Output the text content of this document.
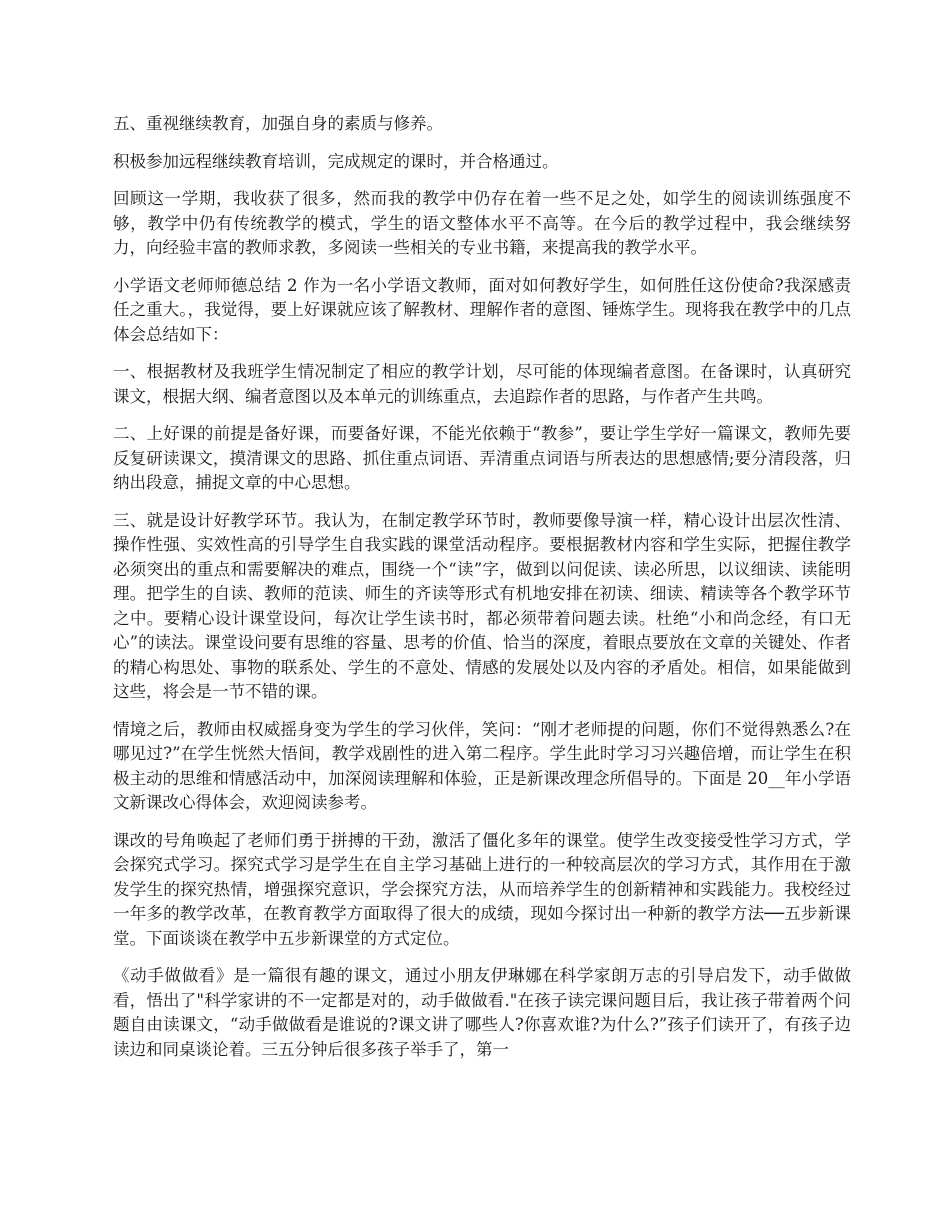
五、重视继续教育，加强自身的素质与修养。

积极参加远程继续教育培训，完成规定的课时，并合格通过。

回顾这一学期，我收获了很多，然而我的教学中仍存在着一些不足之处，如学生的阅读训练强度不够，教学中仍有传统教学的模式，学生的语文整体水平不高等。在今后的教学过程中，我会继续努力，向经验丰富的教师求教，多阅读一些相关的专业书籍，来提高我的教学水平。

小学语文老师师德总结 2 作为一名小学语文教师，面对如何教好学生，如何胜任这份使命?我深感责任之重大。，我觉得，要上好课就应该了解教材、理解作者的意图、锤炼学生。现将我在教学中的几点体会总结如下：

一、根据教材及我班学生情况制定了相应的教学计划，尽可能的体现编者意图。在备课时，认真研究课文，根据大纲、编者意图以及本单元的训练重点，去追踪作者的思路，与作者产生共鸣。

二、上好课的前提是备好课，而要备好课，不能光依赖于“教参”，要让学生学好一篇课文，教师先要反复研读课文，摸清课文的思路、抓住重点词语、弄清重点词语与所表达的思想感情;要分清段落，归纳出段意，捕捉文章的中心思想。

三、就是设计好教学环节。我认为，在制定教学环节时，教师要像导演一样，精心设计出层次性清、操作性强、实效性高的引导学生自我实践的课堂活动程序。要根据教材内容和学生实际，把握住教学必须突出的重点和需要解决的难点，围绕一个“读”字，做到以问促读、读必所思，以议细读、读能明理。把学生的自读、教师的范读、师生的齐读等形式有机地安排在初读、细读、精读等各个教学环节之中。要精心设计课堂设问，每次让学生读书时，都必须带着问题去读。杜绝“小和尚念经，有口无心”的读法。课堂设问要有思维的容量、思考的价值、恰当的深度，着眼点要放在文章的关键处、作者的精心构思处、事物的联系处、学生的不意处、情感的发展处以及内容的矛盾处。相信，如果能做到这些，将会是一节不错的课。

情境之后，教师由权威摇身变为学生的学习伙伴，笑问：“刚才老师提的问题，你们不觉得熟悉么?在哪见过?”在学生恍然大悟间，教学戏剧性的进入第二程序。学生此时学习习兴趣倍增，而让学生在积极主动的思维和情感活动中，加深阅读理解和体验，正是新课改理念所倡导的。下面是 20__年小学语文新课改心得体会，欢迎阅读参考。

课改的号角唤起了老师们勇于拼搏的干劲，激活了僵化多年的课堂。使学生改变接受性学习方式，学会探究式学习。探究式学习是学生在自主学习基础上进行的一种较高层次的学习方式，其作用在于激发学生的探究热情，增强探究意识，学会探究方法，从而培养学生的创新精神和实践能力。我校经过一年多的教学改革，在教育教学方面取得了很大的成绩，现如今探讨出一种新的教学方法──五步新课堂。下面谈谈在教学中五步新课堂的方式定位。

《动手做做看》是一篇很有趣的课文，通过小朋友伊琳娜在科学家朗万志的引导启发下，动手做做看，悟出了"科学家讲的不一定都是对的，动手做做看."在孩子读完课问题目后，我让孩子带着两个问题自由读课文，“动手做做看是谁说的?课文讲了哪些人?你喜欢谁?为什么?”孩子们读开了，有孩子边读边和同桌谈论着。三五分钟后很多孩子举手了，第一
